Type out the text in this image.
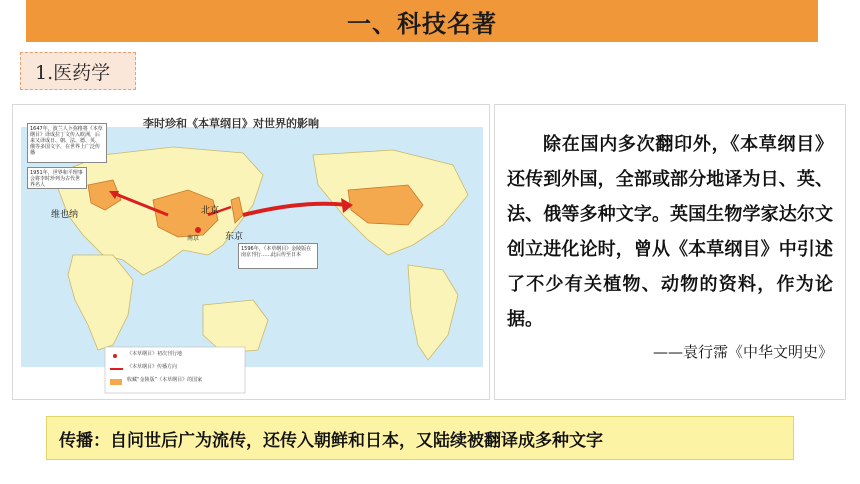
一、科技名著
1.医药学
李时珍和《本草纲目》对世界的影响
维也纳	北京
东京
南京
1647年，波兰人卜弥格将《本草纲目》译成拉丁文传入欧洲，后来又译成日、朝、法、德、英、俄等多国文字，在世界上广泛传播
1951年，世界和平理事会将李时珍列为古代世界名人
1596年，《本草纲目》金陵版在南京刊行……此后传至日本
《本草纲目》初次刊行地
《本草纲目》传播方向
收藏“金陵版”《本草纲目》的国家

除在国内多次翻印外，《本草纲目》还传到外国，全部或部分地译为日、英、法、俄等多种文字。英国生物学家达尔文创立进化论时，曾从《本草纲目》中引述了不少有关植物、动物的资料，作为论据。

——袁行霈《中华文明史》

传播：自问世后广为流传，还传入朝鲜和日本，又陆续被翻译成多种文字
